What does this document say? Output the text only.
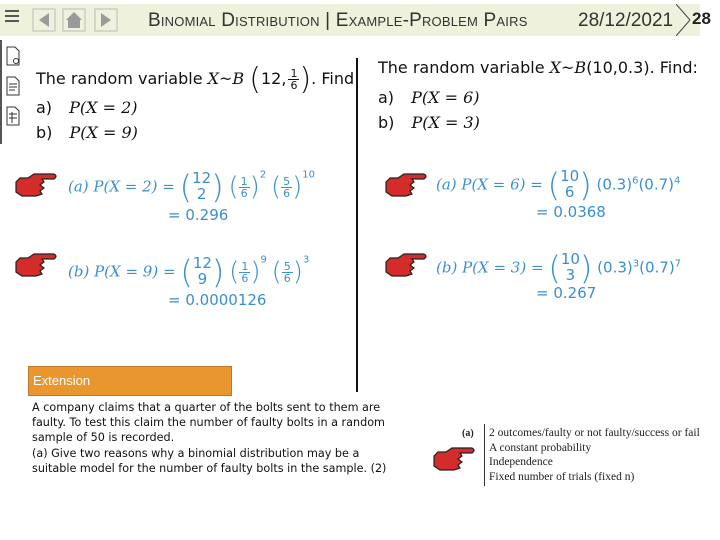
Binomial Distribution | Example-Problem Pairs	28/12/2021 28
The random variable X~B (12, $\frac{1}{6}$ ). Find:
a) P(X = 2)
b) P(X = 9)
(a) P(X = 2) = ( 12
2 ) ( $\frac{1}{6} )^2$ ( $\frac{5}{6} )^{10}$
= 0.296
(b) P(X = 9) = ( 12
9 ) ( $\frac{1}{6} )^9$ ( $\frac{5}{6} )^3$
= 0.0000126
The random variable X~B(10,0.3). Find:
a) P(X = 6)
b) P(X = 3)
(a) P(X = 6) = ( 10
6 ) $(0.3)^6(0.7)^4$
= 0.0368
(b) P(X = 3) = ( 10
3 ) $(0.3)^3(0.7)^7$
= 0.267
Extension
A company claims that a quarter of the bolts sent to them are faulty. To test this claim the number of faulty bolts in a random sample of 50 is recorded.
(a) Give two reasons why a binomial distribution may be a suitable model for the number of faulty bolts in the sample. (2)
(a) 2 outcomes/faulty or not faulty/success or fail
A constant probability
Independence
Fixed number of trials (fixed n)
